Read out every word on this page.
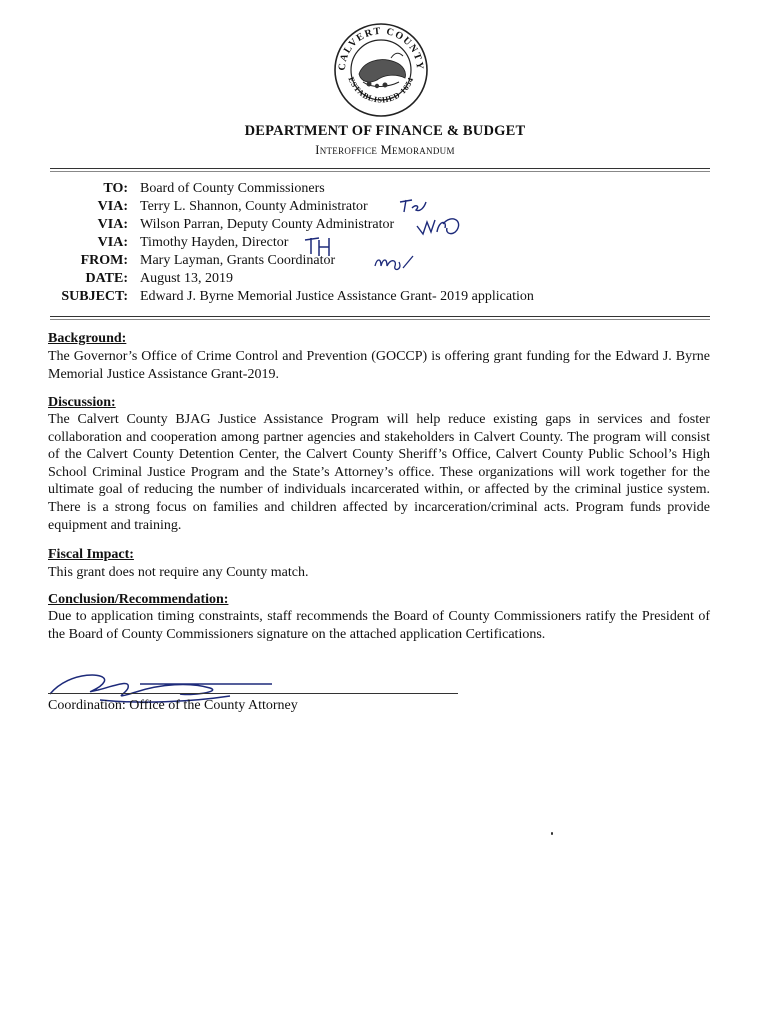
CALVERT COUNTY
ESTABLISHED 1654
DEPARTMENT OF FINANCE & BUDGET
Interoffice Memorandum
TO: Board of County Commissioners
VIA: Terry L. Shannon, County Administrator
VIA: Wilson Parran, Deputy County Administrator
VIA: Timothy Hayden, Director
FROM: Mary Layman, Grants Coordinator
DATE: August 13, 2019
SUBJECT: Edward J. Byrne Memorial Justice Assistance Grant- 2019 application
Background:
The Governor’s Office of Crime Control and Prevention (GOCCP) is offering grant funding for the Edward J. Byrne Memorial Justice Assistance Grant-2019.
Discussion:
The Calvert County BJAG Justice Assistance Program will help reduce existing gaps in services and foster collaboration and cooperation among partner agencies and stakeholders in Calvert County. The program will consist of the Calvert County Detention Center, the Calvert County Sheriff’s Office, Calvert County Public School’s High School Criminal Justice Program and the State’s Attorney’s office. These organizations will work together for the ultimate goal of reducing the number of individuals incarcerated within, or affected by the criminal justice system. There is a strong focus on families and children affected by incarceration/criminal acts. Program funds provide equipment and training.
Fiscal Impact:
This grant does not require any County match.
Conclusion/Recommendation:
Due to application timing constraints, staff recommends the Board of County Commissioners ratify the President of the Board of County Commissioners signature on the attached application Certifications.
Coordination: Office of the County Attorney
